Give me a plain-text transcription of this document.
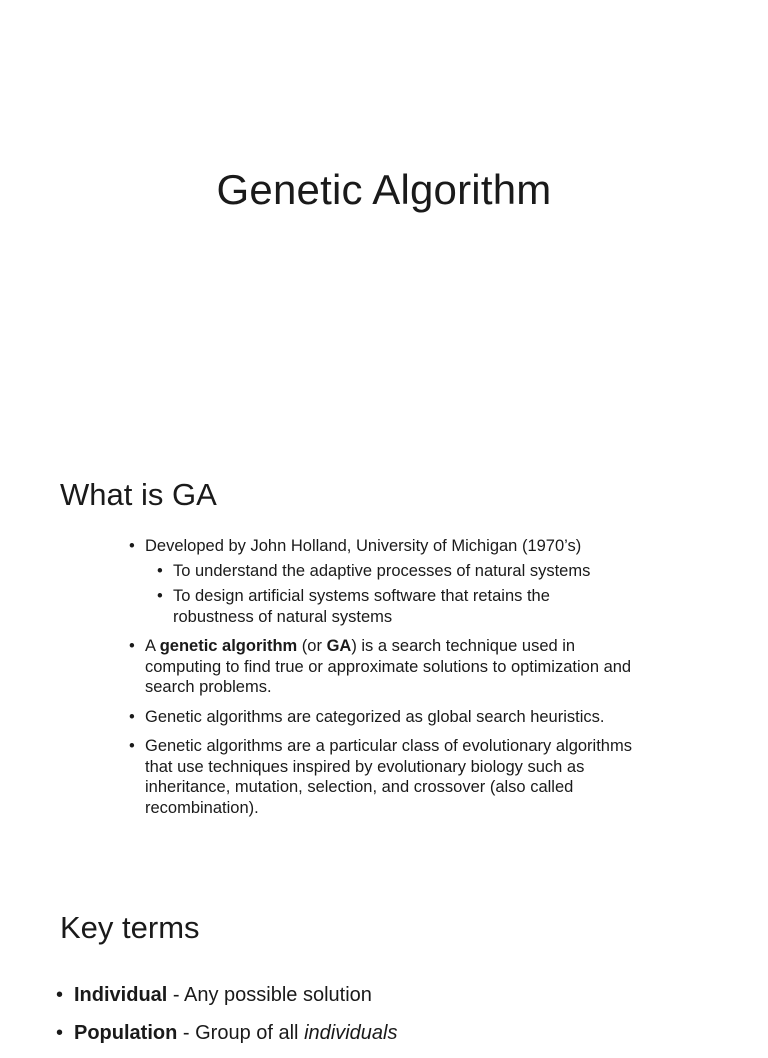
Genetic Algorithm
What is GA
• Developed by John Holland, University of Michigan (1970’s)
• To understand the adaptive processes of natural systems
• To design artificial systems software that retains the robustness of natural systems
• A genetic algorithm (or GA) is a search technique used in computing to find true or approximate solutions to optimization and search problems.
• Genetic algorithms are categorized as global search heuristics.
• Genetic algorithms are a particular class of evolutionary algorithms that use techniques inspired by evolutionary biology such as inheritance, mutation, selection, and crossover (also called recombination).
Key terms
• Individual - Any possible solution
• Population - Group of all individuals
